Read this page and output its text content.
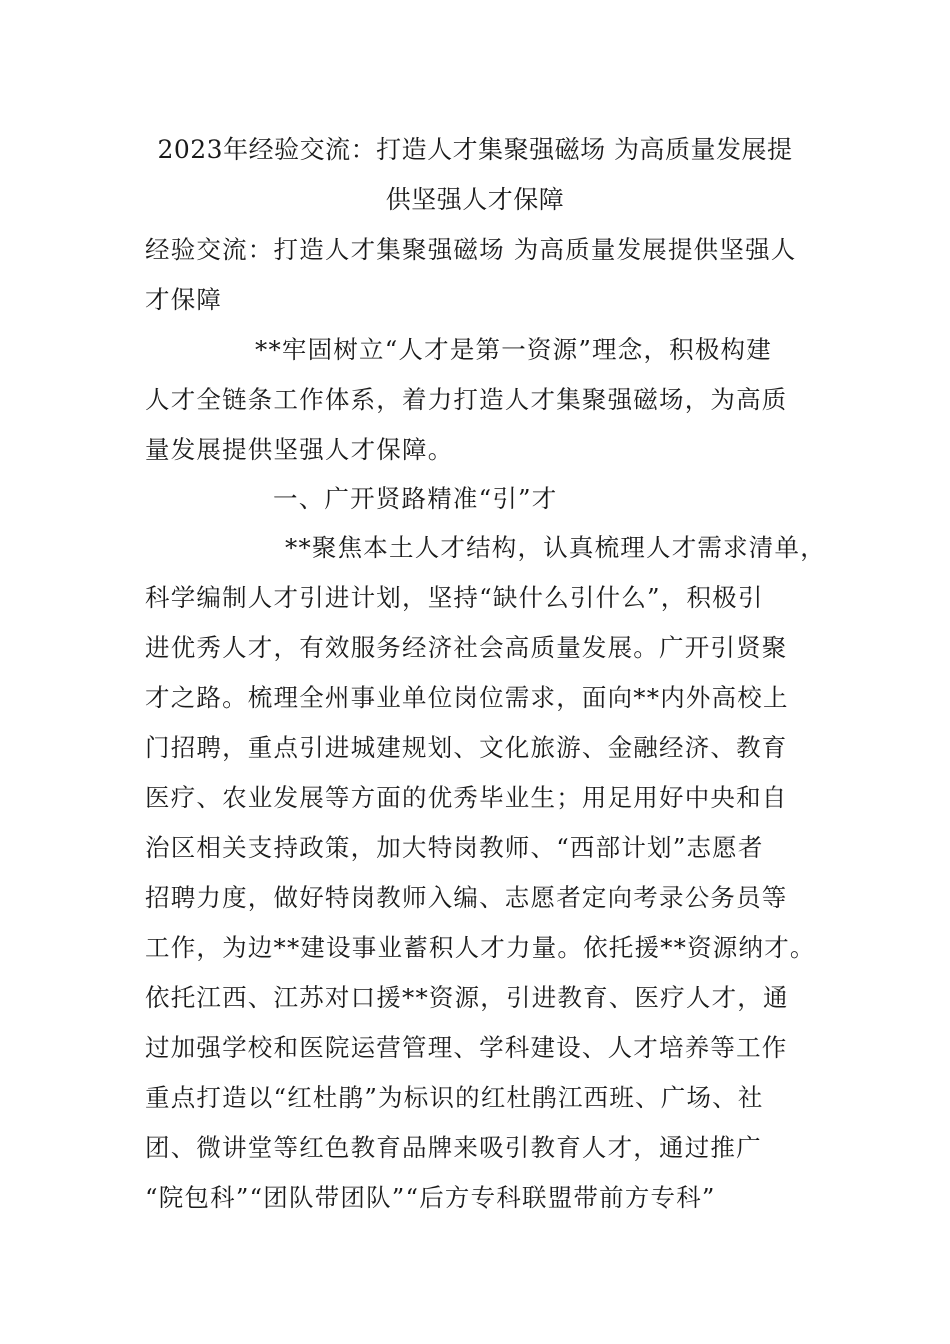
2023年经验交流：打造人才集聚强磁场 为高质量发展提
供坚强人才保障

经验交流：打造人才集聚强磁场 为高质量发展提供坚强人
才保障

**牢固树立“人才是第一资源”理念，积极构建
人才全链条工作体系，着力打造人才集聚强磁场，为高质
量发展提供坚强人才保障。

一、广开贤路精准“引”才

**聚焦本土人才结构，认真梳理人才需求清单，
科学编制人才引进计划，坚持“缺什么引什么”，积极引
进优秀人才，有效服务经济社会高质量发展。广开引贤聚
才之路。梳理全州事业单位岗位需求，面向**内外高校上
门招聘，重点引进城建规划、文化旅游、金融经济、教育
医疗、农业发展等方面的优秀毕业生；用足用好中央和自
治区相关支持政策，加大特岗教师、“西部计划”志愿者
招聘力度，做好特岗教师入编、志愿者定向考录公务员等
工作，为边**建设事业蓄积人才力量。依托援**资源纳才。
依托江西、江苏对口援**资源，引进教育、医疗人才，通
过加强学校和医院运营管理、学科建设、人才培养等工作
重点打造以“红杜鹃”为标识的红杜鹃江西班、广场、社
团、微讲堂等红色教育品牌来吸引教育人才，通过推广
“院包科”“团队带团队”“后方专科联盟带前方专科”
